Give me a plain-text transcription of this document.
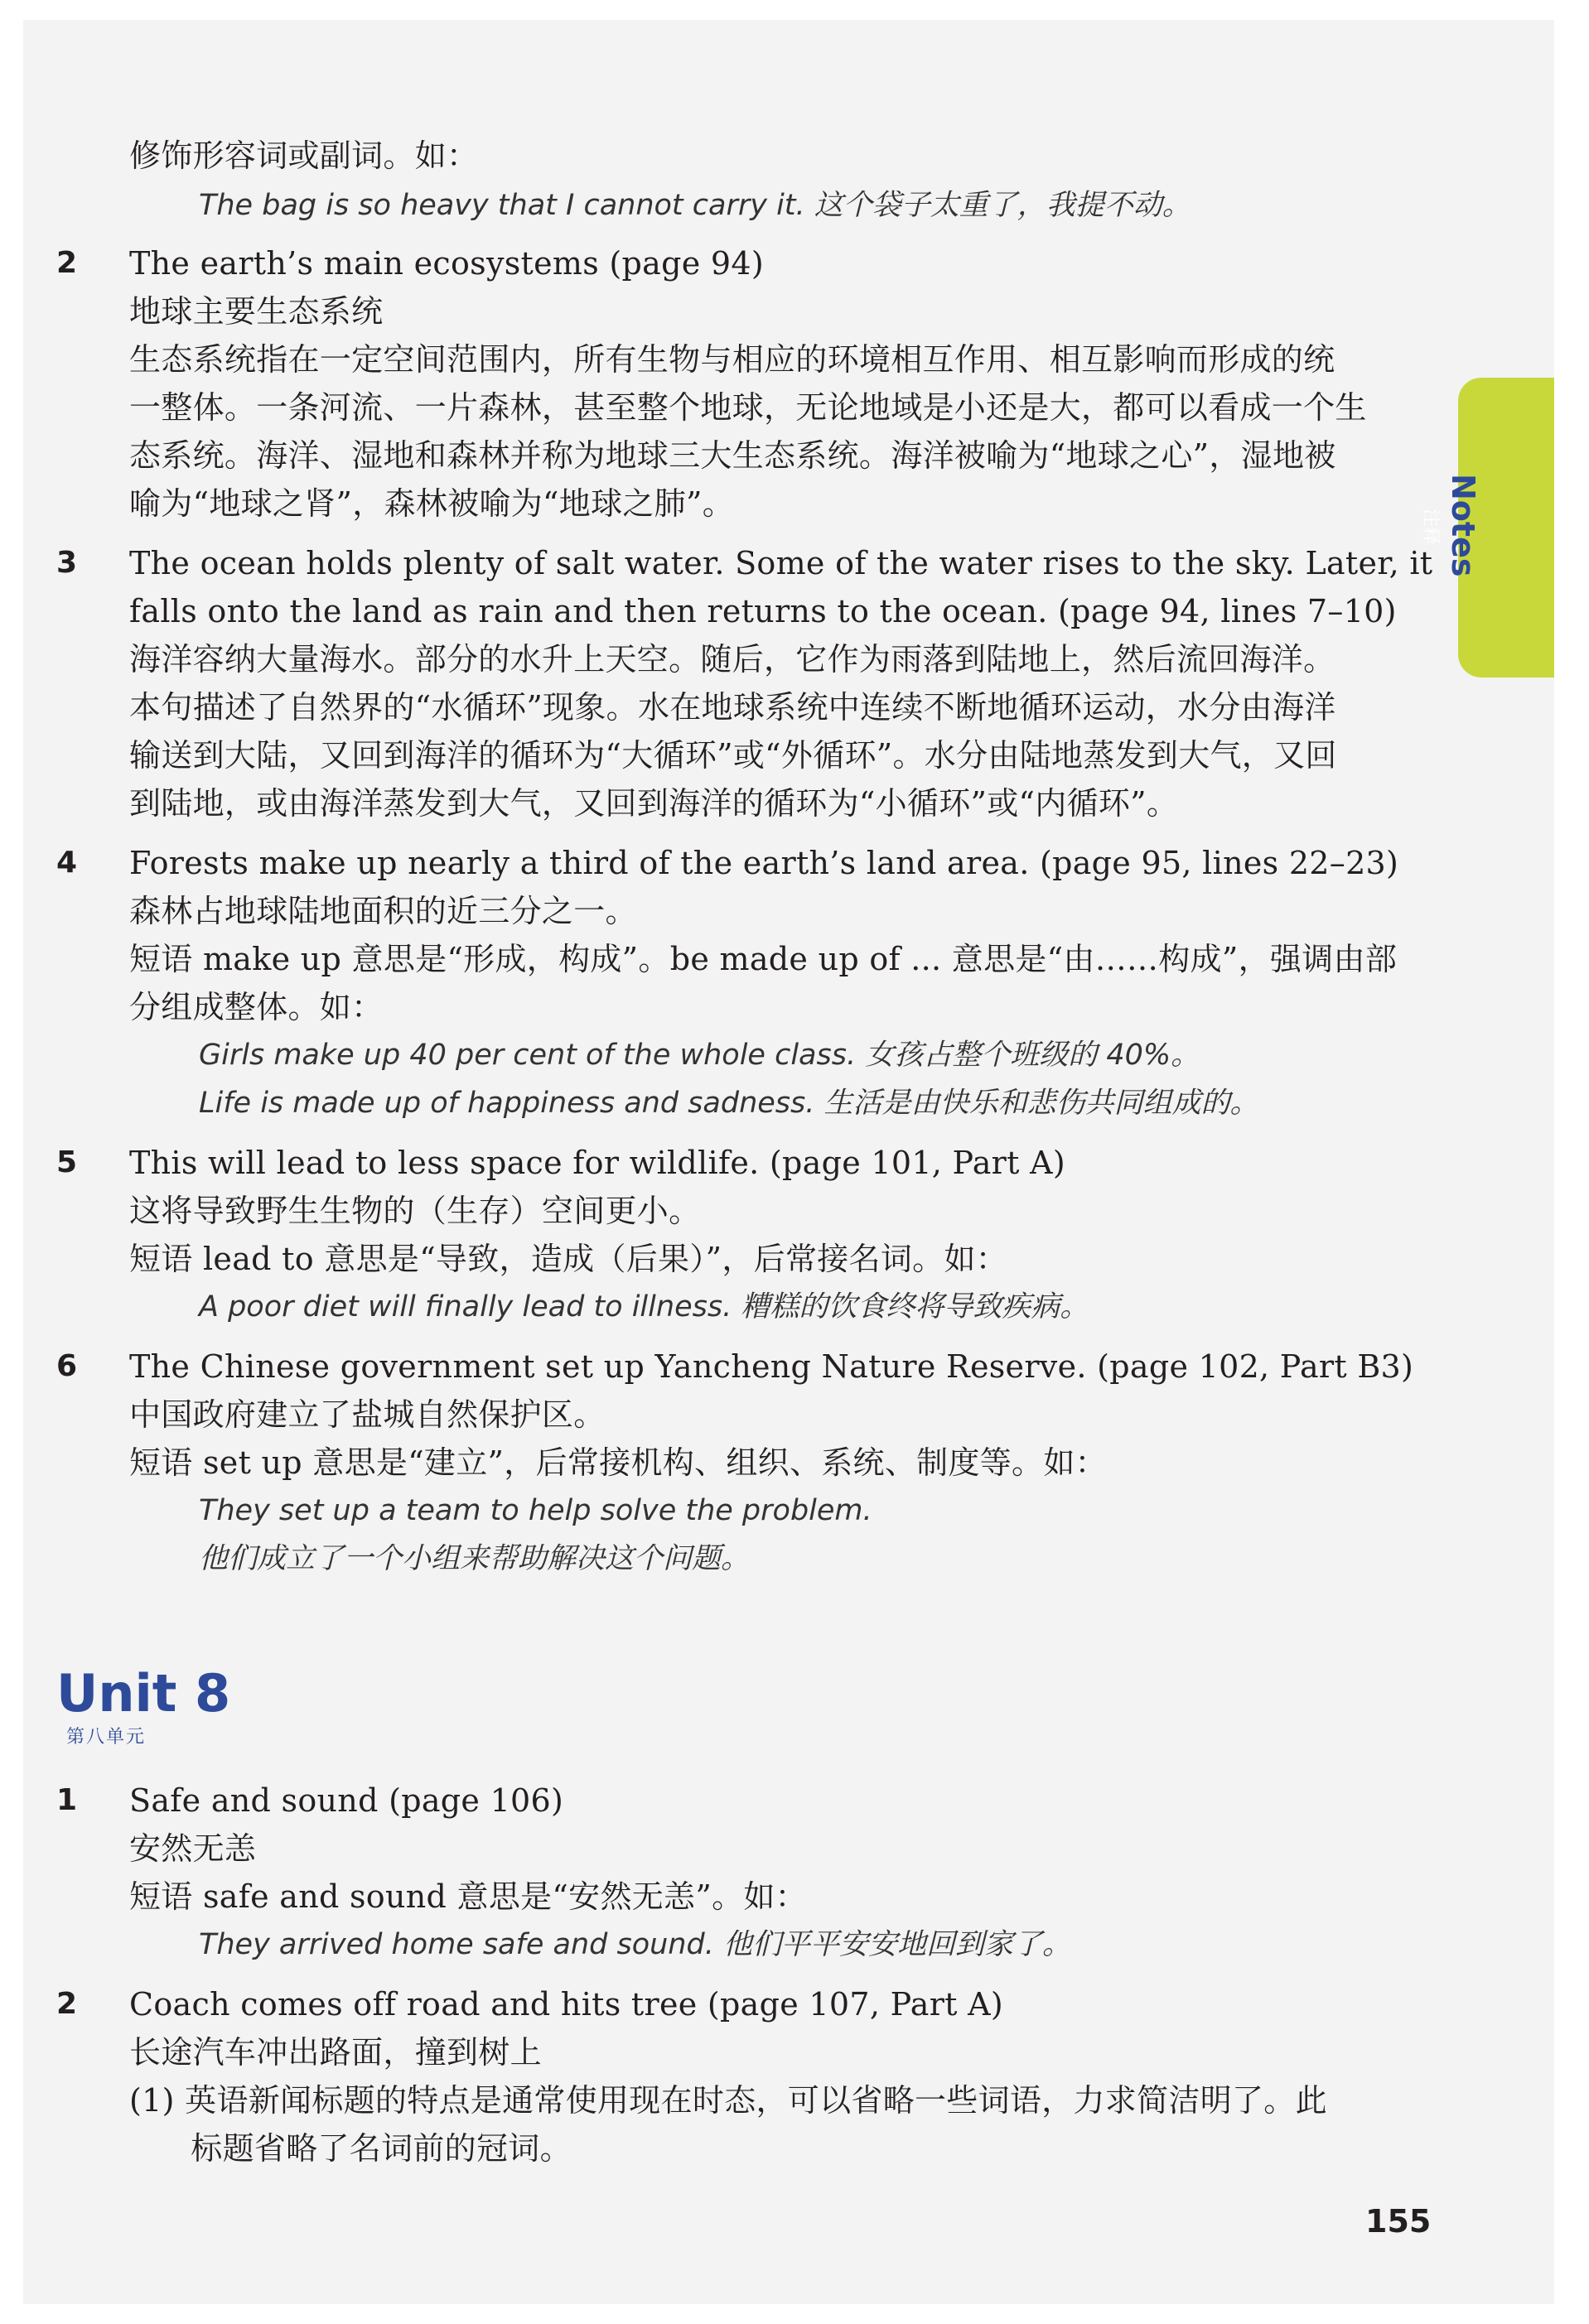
Notes
注释
修饰形容词或副词。如：
The bag is so heavy that I cannot carry it. 这个袋子太重了，我提不动。
2 The earth’s main ecosystems (page 94)
地球主要生态系统
生态系统指在一定空间范围内，所有生物与相应的环境相互作用、相互影响而形成的统
一整体。一条河流、一片森林，甚至整个地球，无论地域是小还是大，都可以看成一个生
态系统。海洋、湿地和森林并称为地球三大生态系统。海洋被喻为“地球之心”，湿地被
喻为“地球之肾”，森林被喻为“地球之肺”。
3 The ocean holds plenty of salt water. Some of the water rises to the sky. Later, it
falls onto the land as rain and then returns to the ocean. (page 94, lines 7–10)
海洋容纳大量海水。部分的水升上天空。随后，它作为雨落到陆地上，然后流回海洋。
本句描述了自然界的“水循环”现象。水在地球系统中连续不断地循环运动，水分由海洋
输送到大陆，又回到海洋的循环为“大循环”或“外循环”。水分由陆地蒸发到大气，又回
到陆地，或由海洋蒸发到大气，又回到海洋的循环为“小循环”或“内循环”。
4 Forests make up nearly a third of the earth’s land area. (page 95, lines 22–23)
森林占地球陆地面积的近三分之一。
短语 make up 意思是“形成，构成”。be made up of ... 意思是“由……构成”，强调由部
分组成整体。如：
Girls make up 40 per cent of the whole class. 女孩占整个班级的 40%。
Life is made up of happiness and sadness. 生活是由快乐和悲伤共同组成的。
5 This will lead to less space for wildlife. (page 101, Part A)
这将导致野生生物的（生存）空间更小。
短语 lead to 意思是“导致，造成（后果）”，后常接名词。如：
A poor diet will finally lead to illness. 糟糕的饮食终将导致疾病。
6 The Chinese government set up Yancheng Nature Reserve. (page 102, Part B3)
中国政府建立了盐城自然保护区。
短语 set up 意思是“建立”，后常接机构、组织、系统、制度等。如：
They set up a team to help solve the problem.
他们成立了一个小组来帮助解决这个问题。
Unit 8
第八单元
1 Safe and sound (page 106)
安然无恙
短语 safe and sound 意思是“安然无恙”。如：
They arrived home safe and sound. 他们平平安安地回到家了。
2 Coach comes off road and hits tree (page 107, Part A)
长途汽车冲出路面，撞到树上
(1) 英语新闻标题的特点是通常使用现在时态，可以省略一些词语，力求简洁明了。此
标题省略了名词前的冠词。
155
